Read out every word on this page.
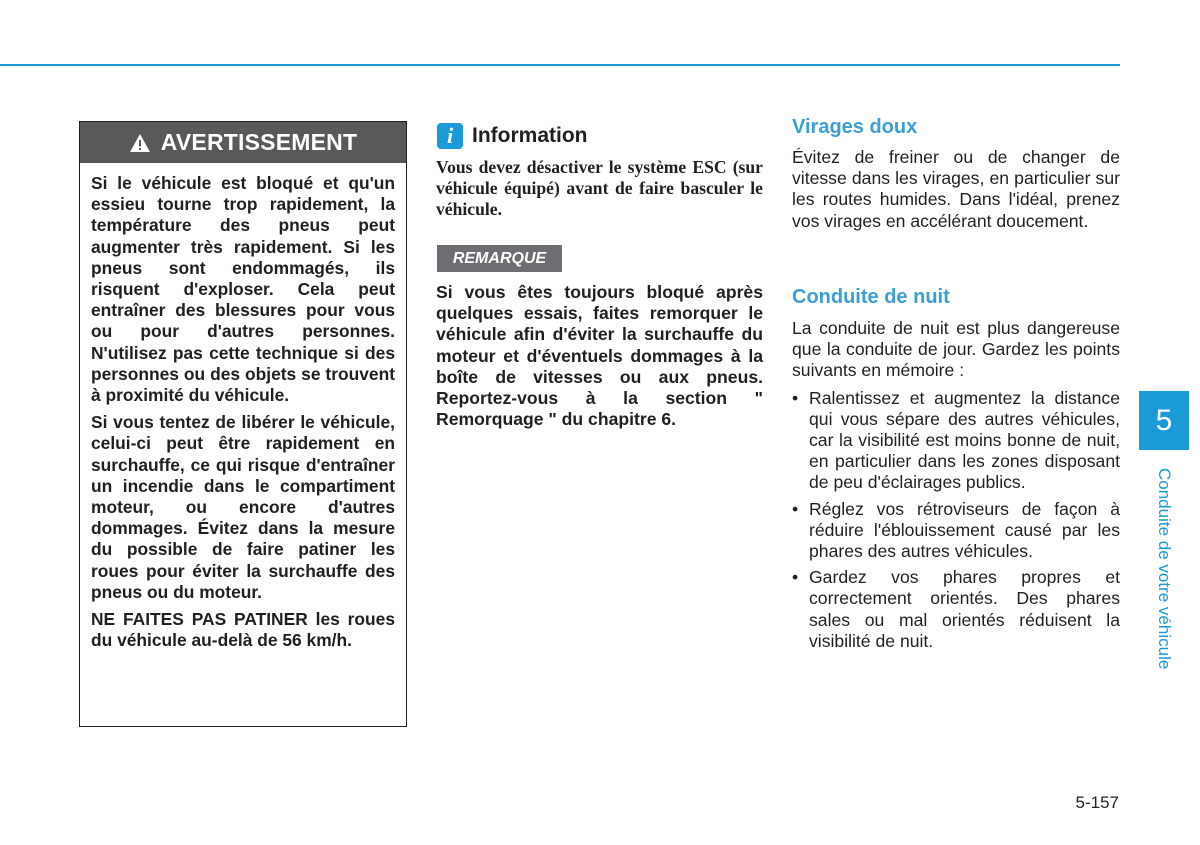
AVERTISSEMENT

Si le véhicule est bloqué et qu'un essieu tourne trop rapidement, la température des pneus peut augmenter très rapidement. Si les pneus sont endommagés, ils risquent d'exploser. Cela peut entraîner des blessures pour vous ou pour d'autres personnes. N'utilisez pas cette technique si des personnes ou des objets se trouvent à proximité du véhicule.

Si vous tentez de libérer le véhicule, celui-ci peut être rapidement en surchauffe, ce qui risque d'entraîner un incendie dans le compartiment moteur, ou encore d'autres dommages. Évitez dans la mesure du possible de faire patiner les roues pour éviter la surchauffe des pneus ou du moteur.

NE FAITES PAS PATINER les roues du véhicule au-delà de 56 km/h.

i Information

Vous devez désactiver le système ESC (sur véhicule équipé) avant de faire basculer le véhicule.

REMARQUE

Si vous êtes toujours bloqué après quelques essais, faites remorquer le véhicule afin d'éviter la surchauffe du moteur et d'éventuels dommages à la boîte de vitesses ou aux pneus. Reportez-vous à la section " Remorquage " du chapitre 6.

Virages doux

Évitez de freiner ou de changer de vitesse dans les virages, en particulier sur les routes humides. Dans l'idéal, prenez vos virages en accélérant doucement.

Conduite de nuit

La conduite de nuit est plus dangereuse que la conduite de jour. Gardez les points suivants en mémoire :

• Ralentissez et augmentez la distance qui vous sépare des autres véhicules, car la visibilité est moins bonne de nuit, en particulier dans les zones disposant de peu d'éclairages publics.
• Réglez vos rétroviseurs de façon à réduire l'éblouissement causé par les phares des autres véhicules.
• Gardez vos phares propres et correctement orientés. Des phares sales ou mal orientés réduisent la visibilité de nuit.
5
Conduite de votre véhicule
5-157
